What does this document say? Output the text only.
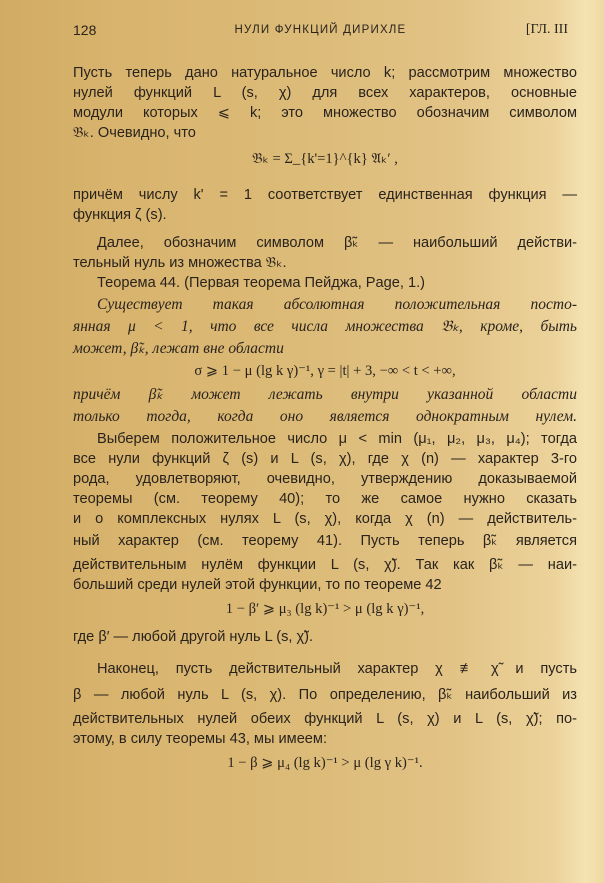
128	НУЛИ ФУНКЦИЙ ДИРИХЛЕ	[ГЛ. III
Пусть теперь дано натуральное число k; рассмотрим множество
нулей функций L (s, χ) для всех характеров, основные
модули которых ⩽ k; это множество обозначим символом
𝔅ₖ. Очевидно, что
𝔅ₖ = Σ_{k'=1}^{k} 𝔄ₖ′ ,
причём числу k' = 1 соответствует единственная функция —
функция ζ (s).
Далее, обозначим символом β̃ₖ — наибольший действи-
тельный нуль из множества 𝔅ₖ.
Теорема 44. (Первая теорема Пейджа, Page, 1.)
Существует такая абсолютная положительная посто-
янная μ < 1, что все числа множества 𝔅ₖ, кроме, быть
может, β̃ₖ, лежат вне области
σ ⩾ 1 − μ (lg k γ)⁻¹, γ = |t| + 3, −∞ < t < +∞,
причём β̃ₖ может лежать внутри указанной области
только тогда, когда оно является однократным нулем.
Выберем положительное число μ < min (μ₁, μ₂, μ₃, μ₄); тогда
все нули функций ζ (s) и L (s, χ), где χ (n) — характер 3-го
рода, удовлетворяют, очевидно, утверждению доказываемой
теоремы (см. теорему 40); то же самое нужно сказать
и о комплексных нулях L (s, χ), когда χ (n) — действитель-
ный характер (см. теорему 41). Пусть теперь β̃ₖ является
действительным нулём функции L (s, χ̃). Так как β̃ₖ — наи-
больший среди нулей этой функции, то по теореме 42
1 − β′ ⩾ μ₃ (lg k)⁻¹ > μ (lg k γ)⁻¹,
где β′ — любой другой нуль L (s, χ̃).
Наконец, пусть действительный характер χ ≢ χ̃ и пусть
β — любой нуль L (s, χ). По определению, β̃ₖ наибольший из
действительных нулей обеих функций L (s, χ) и L (s, χ̃); по-
этому, в силу теоремы 43, мы имеем:
1 − β ⩾ μ₄ (lg k)⁻¹ > μ (lg γ k)⁻¹.
